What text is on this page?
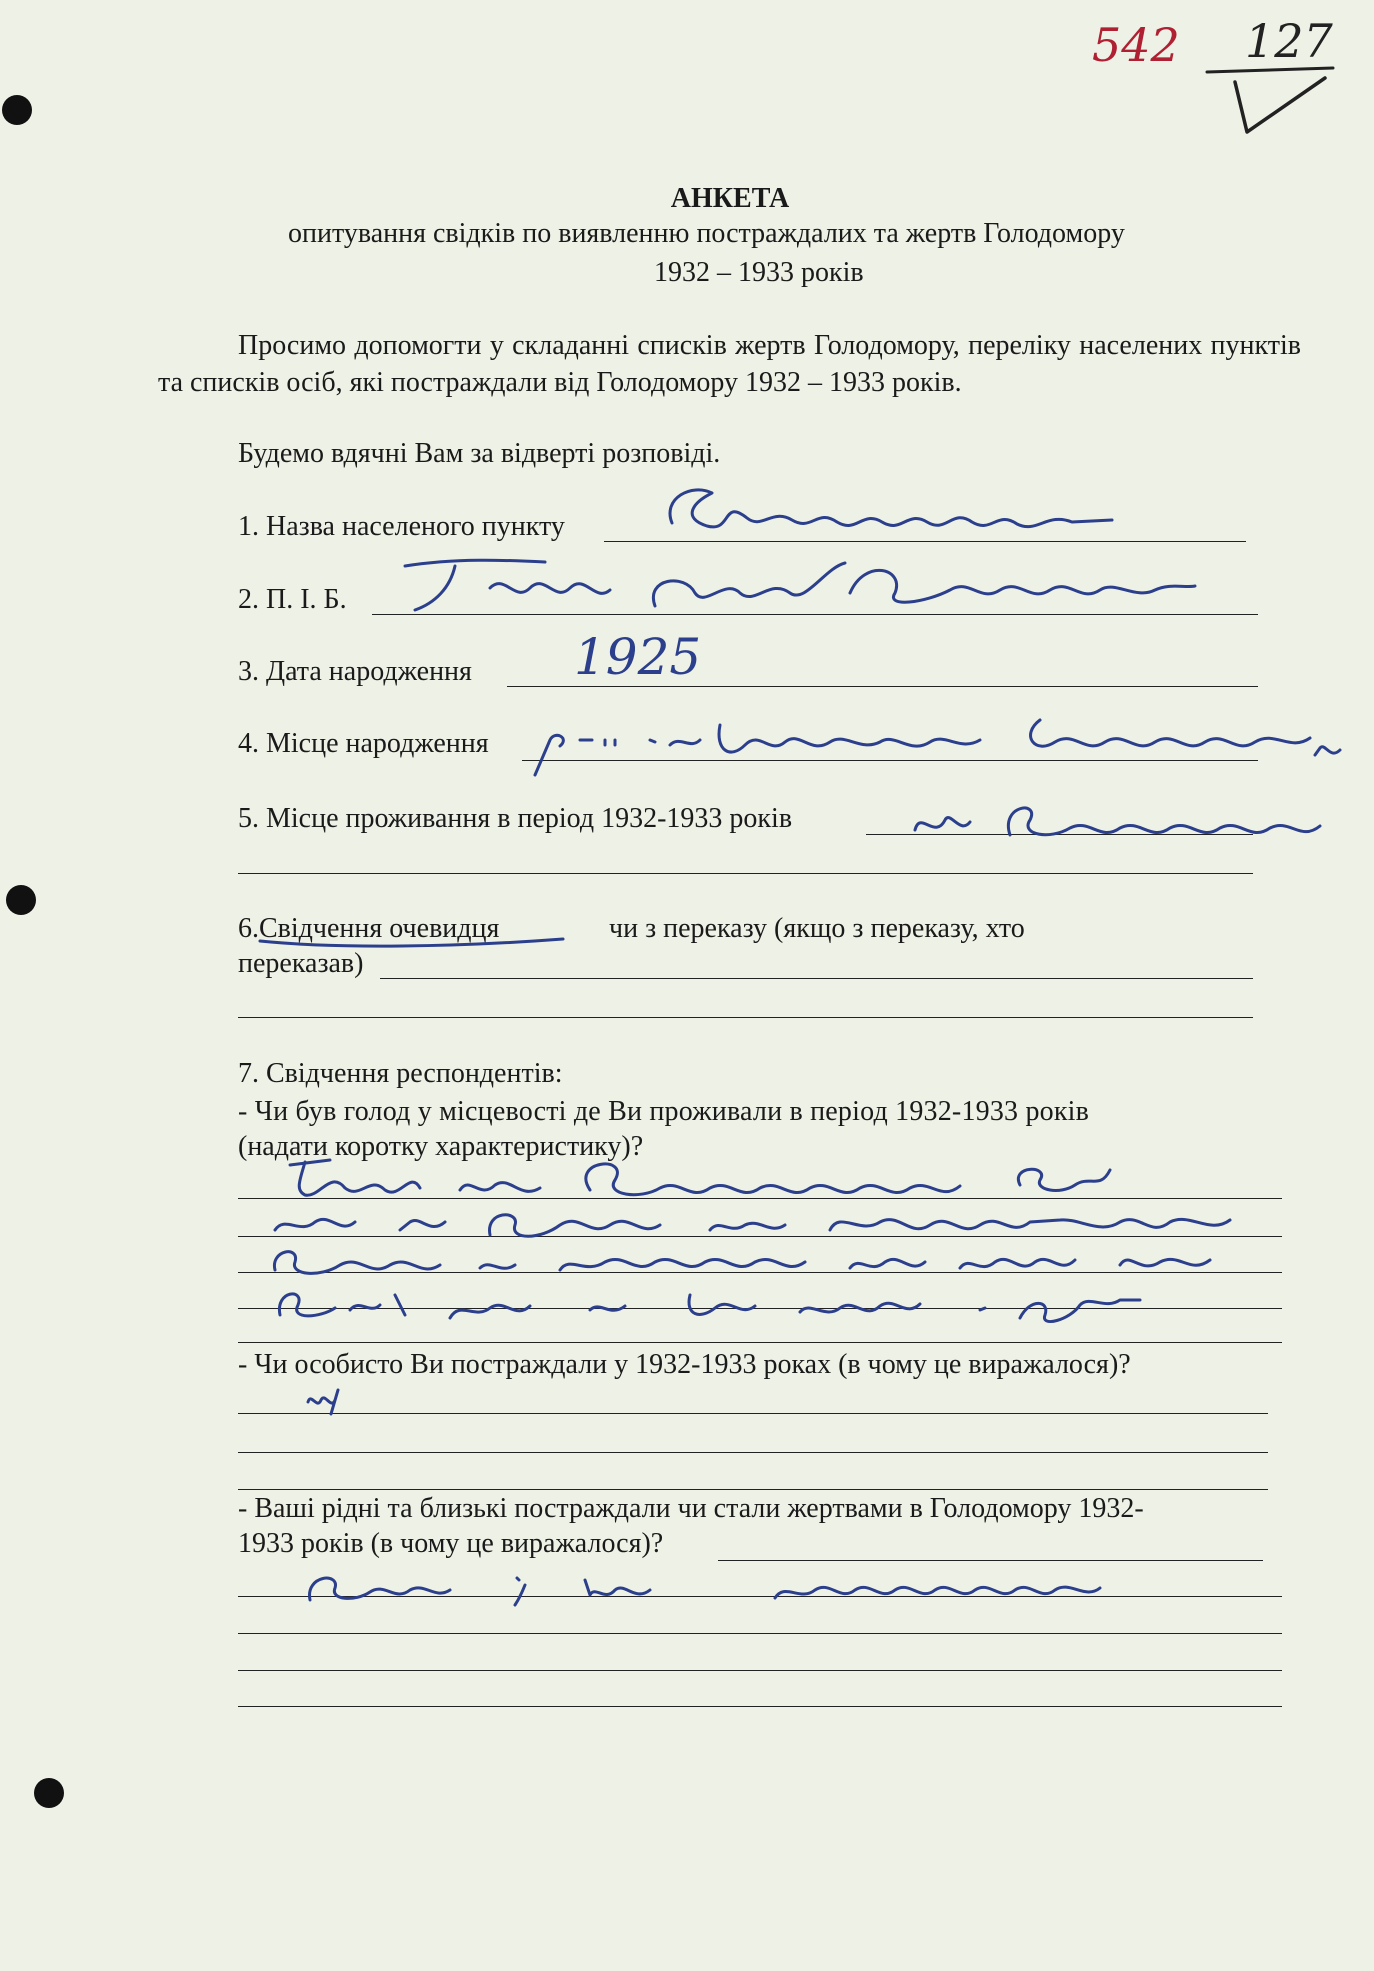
542 127
АНКЕТА
опитування свідків по виявленню постраждалих та жертв Голодомору
1932 – 1933 років
Просимо допомогти у складанні списків жертв Голодомору, переліку населених пунктів та списків осіб, які постраждали від Голодомору 1932 – 1933 років.
Будемо вдячні Вам за відверті розповіді.
1. Назва населеного пункту
2. П. І. Б.
3. Дата народження 1925
4. Місце народження
5. Місце проживання в період 1932-1933 років
6.Свідчення очевидця	чи з переказу (якщо з переказу, хто
переказав)
7. Свідчення респондентів:
- Чи був голод у місцевості де Ви проживали в період 1932-1933 років
(надати коротку характеристику)?
- Чи особисто Ви постраждали у 1932-1933 роках (в чому це виражалося)?
- Ваші рідні та близькі постраждали чи стали жертвами в Голодомору 1932-
1933 років (в чому це виражалося)?
